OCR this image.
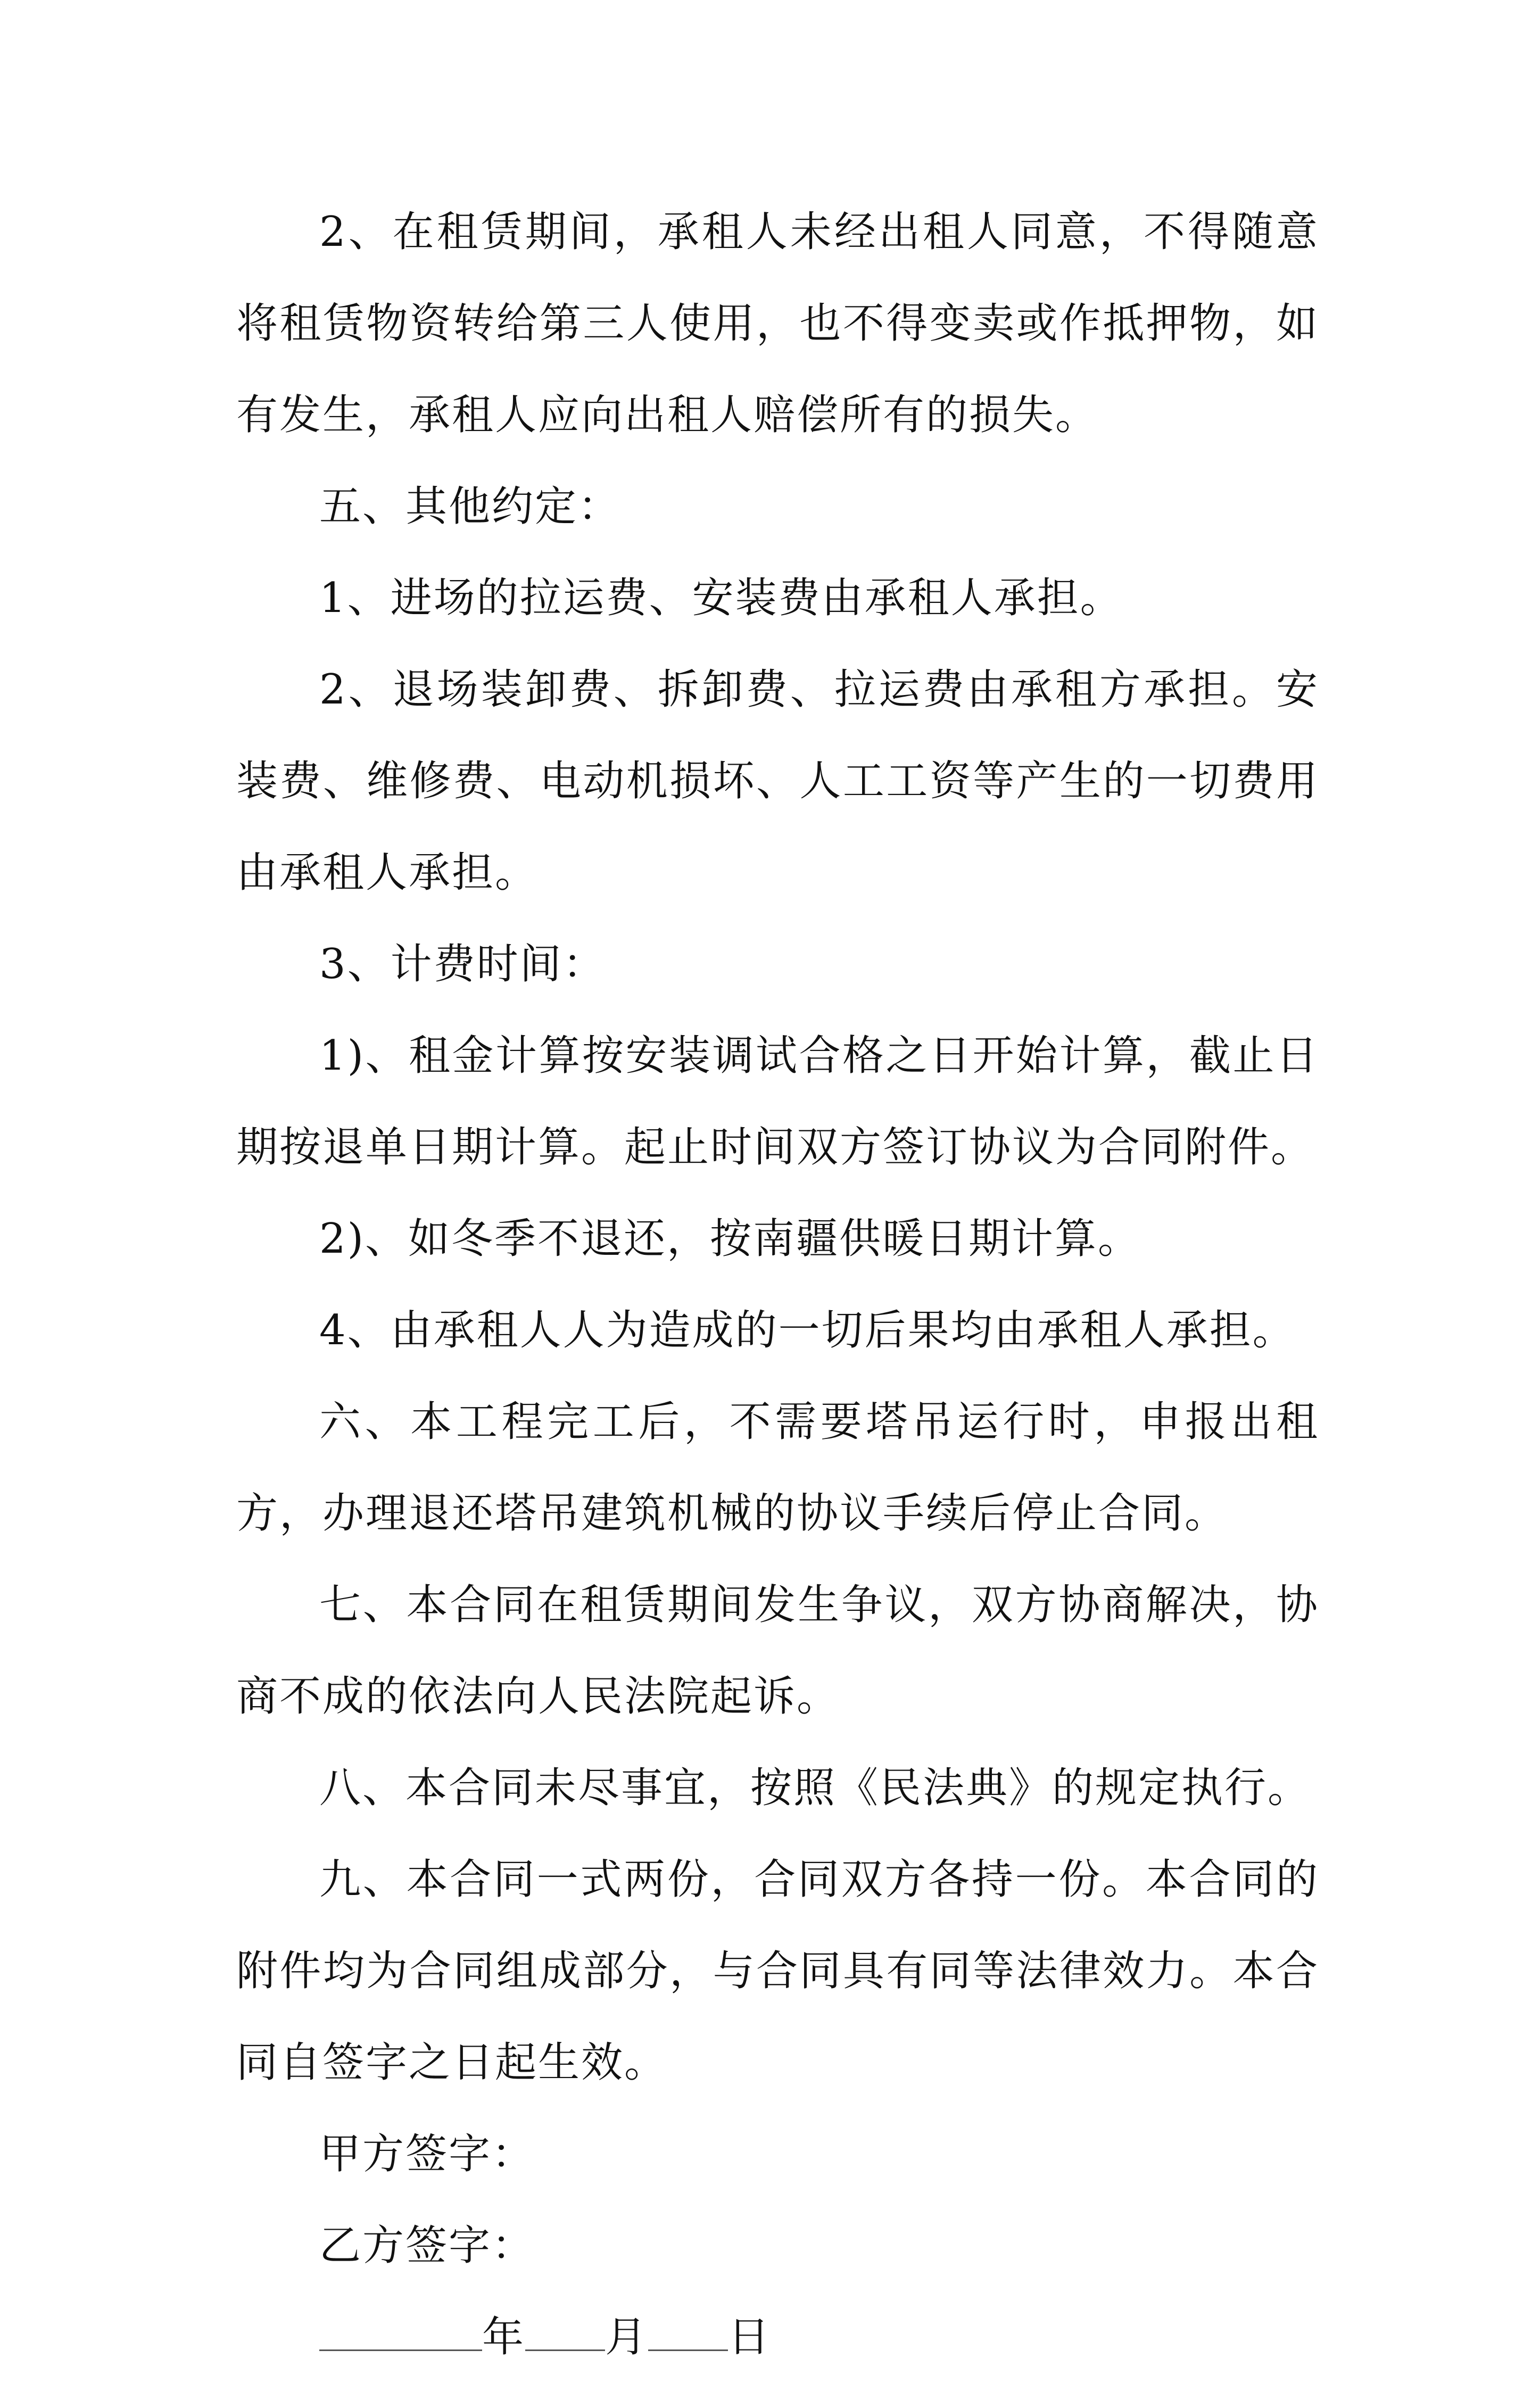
2、在租赁期间，承租人未经出租人同意，不得随意将租赁物资转给第三人使用，也不得变卖或作抵押物，如有发生，承租人应向出租人赔偿所有的损失。

五、其他约定：

1、进场的拉运费、安装费由承租人承担。

2、退场装卸费、拆卸费、拉运费由承租方承担。安装费、维修费、电动机损坏、人工工资等产生的一切费用由承租人承担。

3、计费时间：

1)、租金计算按安装调试合格之日开始计算，截止日期按退单日期计算。起止时间双方签订协议为合同附件。

2)、如冬季不退还，按南疆供暖日期计算。

4、由承租人人为造成的一切后果均由承租人承担。

六、本工程完工后，不需要塔吊运行时，申报出租方，办理退还塔吊建筑机械的协议手续后停止合同。

七、本合同在租赁期间发生争议，双方协商解决，协商不成的依法向人民法院起诉。

八、本合同未尽事宜，按照《民法典》的规定执行。

九、本合同一式两份，合同双方各持一份。本合同的附件均为合同组成部分，与合同具有同等法律效力。本合同自签字之日起生效。

甲方签字：

乙方签字：

年 月 日
